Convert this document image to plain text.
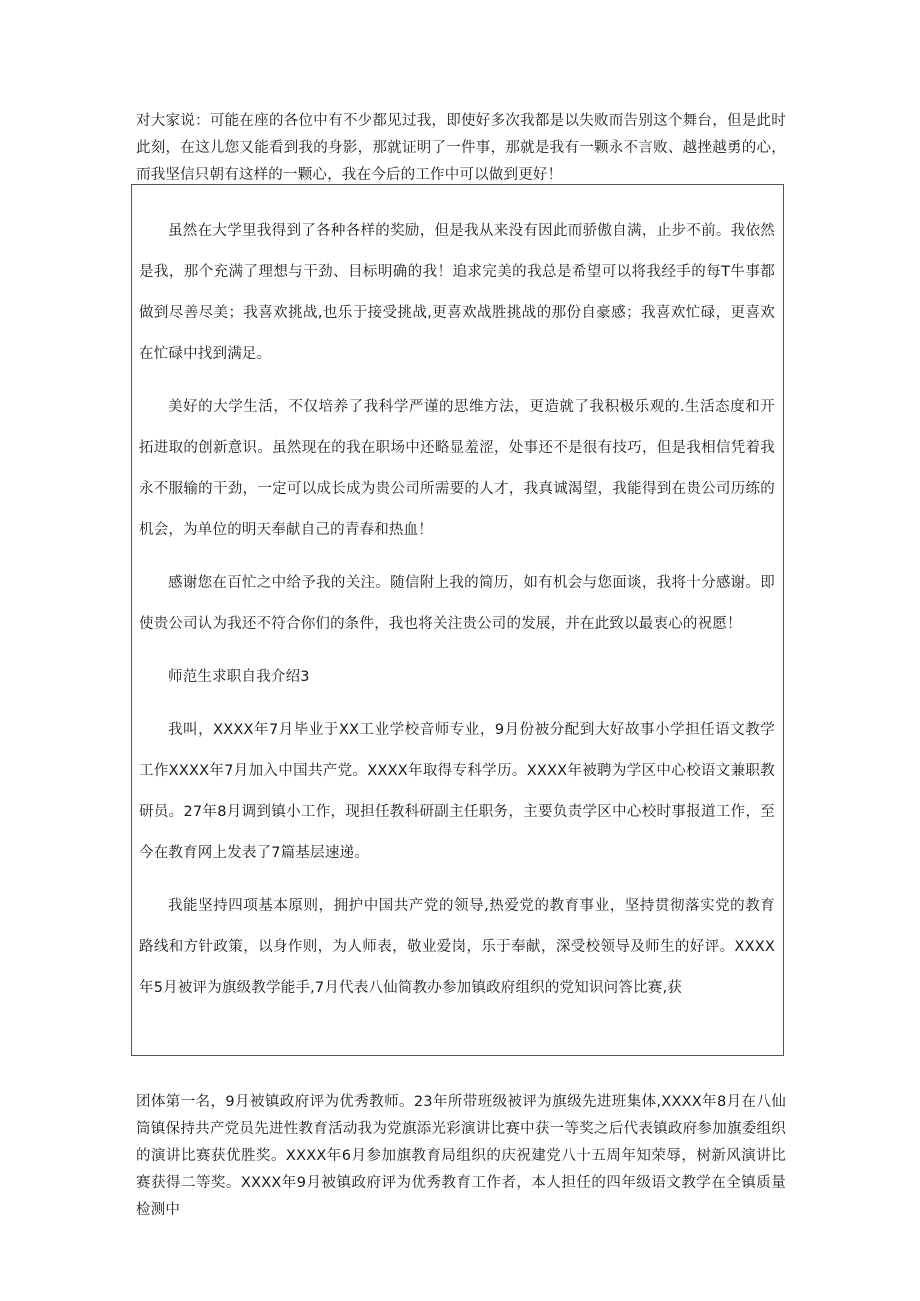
对大家说：可能在座的各位中有不少都见过我，即使好多次我都是以失败而告别这个舞台，但是此时此刻，在这儿您又能看到我的身影，那就证明了一件事，那就是我有一颗永不言败、越挫越勇的心，而我坚信只朝有这样的一颗心，我在今后的工作中可以做到更好！

虽然在大学里我得到了各种各样的奖励，但是我从来没有因此而骄傲自满，止步不前。我依然是我，那个充满了理想与干劲、目标明确的我！追求完美的我总是希望可以将我经手的每T牛事都做到尽善尽美；我喜欢挑战,也乐于接受挑战,更喜欢战胜挑战的那份自豪感；我喜欢忙碌，更喜欢在忙碌中找到满足。

美好的大学生活，不仅培养了我科学严谨的思维方法，更造就了我积极乐观的.生活态度和开拓进取的创新意识。虽然现在的我在职场中还略显羞涩，处事还不是很有技巧，但是我相信凭着我永不服输的干劲，一定可以成长成为贵公司所需要的人才，我真诚渴望，我能得到在贵公司历练的机会，为单位的明天奉献自己的青春和热血！

感谢您在百忙之中给予我的关注。随信附上我的简历，如有机会与您面谈，我将十分感谢。即使贵公司认为我还不符合你们的条件，我也将关注贵公司的发展，并在此致以最衷心的祝愿！

师范生求职自我介绍3

我叫，XXXX年7月毕业于XX工业学校音师专业，9月份被分配到大好故事小学担任语文教学工作XXXX年7月加入中国共产党。XXXX年取得专科学历。XXXX年被聘为学区中心校语文兼职教研员。27年8月调到镇小工作，现担任教科研副主任职务，主要负责学区中心校时事报道工作，至今在教育网上发表了7篇基层速递。

我能坚持四项基本原则，拥护中国共产党的领导,热爱党的教育事业，坚持贯彻落实党的教育路线和方针政策，以身作则，为人师表，敬业爱岗，乐于奉献，深受校领导及师生的好评。XXXX年5月被评为旗级教学能手,7月代表八仙简教办参加镇政府组织的党知识问答比赛,获

团体第一名，9月被镇政府评为优秀教师。23年所带班级被评为旗级先进班集体,XXXX年8月在八仙筒镇保持共产党员先进性教育活动我为党旗添光彩演讲比赛中获一等奖之后代表镇政府参加旗委组织的演讲比赛获优胜奖。XXXX年6月参加旗教育局组织的庆祝建党八十五周年知荣辱，树新风演讲比赛获得二等奖。XXXX年9月被镇政府评为优秀教育工作者，本人担任的四年级语文教学在全镇质量检测中
